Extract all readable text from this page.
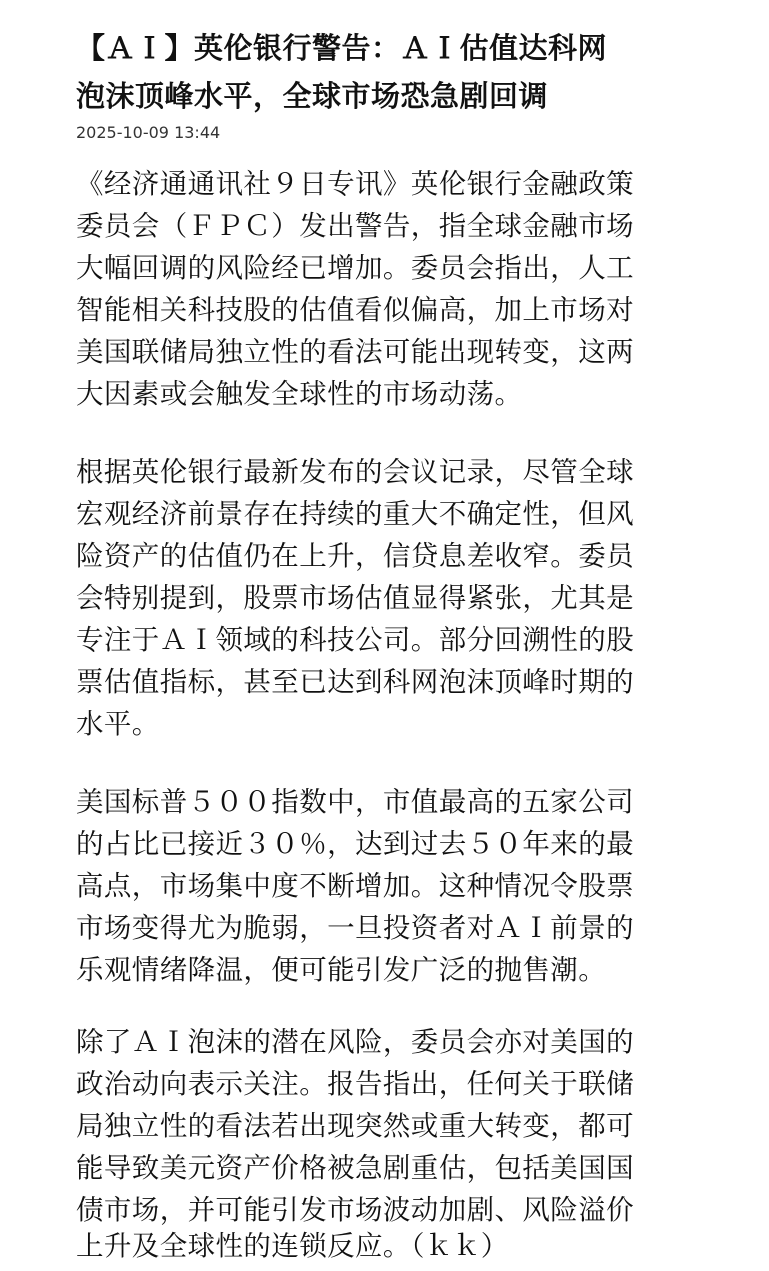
【ＡＩ】英伦银行警告：ＡＩ估值达科网
泡沫顶峰水平，全球市场恐急剧回调
2025-10-09 13:44
《经济通通讯社９日专讯》英伦银行金融政策
委员会（ＦＰＣ）发出警告，指全球金融市场
大幅回调的风险经已增加。委员会指出，人工
智能相关科技股的估值看似偏高，加上市场对
美国联储局独立性的看法可能出现转变，这两
大因素或会触发全球性的市场动荡。
根据英伦银行最新发布的会议记录，尽管全球
宏观经济前景存在持续的重大不确定性，但风
险资产的估值仍在上升，信贷息差收窄。委员
会特别提到，股票市场估值显得紧张，尤其是
专注于ＡＩ领域的科技公司。部分回溯性的股
票估值指标，甚至已达到科网泡沫顶峰时期的
水平。
美国标普５００指数中，市值最高的五家公司
的占比已接近３０％，达到过去５０年来的最
高点，市场集中度不断增加。这种情况令股票
市场变得尤为脆弱，一旦投资者对ＡＩ前景的
乐观情绪降温，便可能引发广泛的抛售潮。
除了ＡＩ泡沫的潜在风险，委员会亦对美国的
政治动向表示关注。报告指出，任何关于联储
局独立性的看法若出现突然或重大转变，都可
能导致美元资产价格被急剧重估，包括美国国
债市场，并可能引发市场波动加剧、风险溢价
上升及全球性的连锁反应。（ｋｋ）
